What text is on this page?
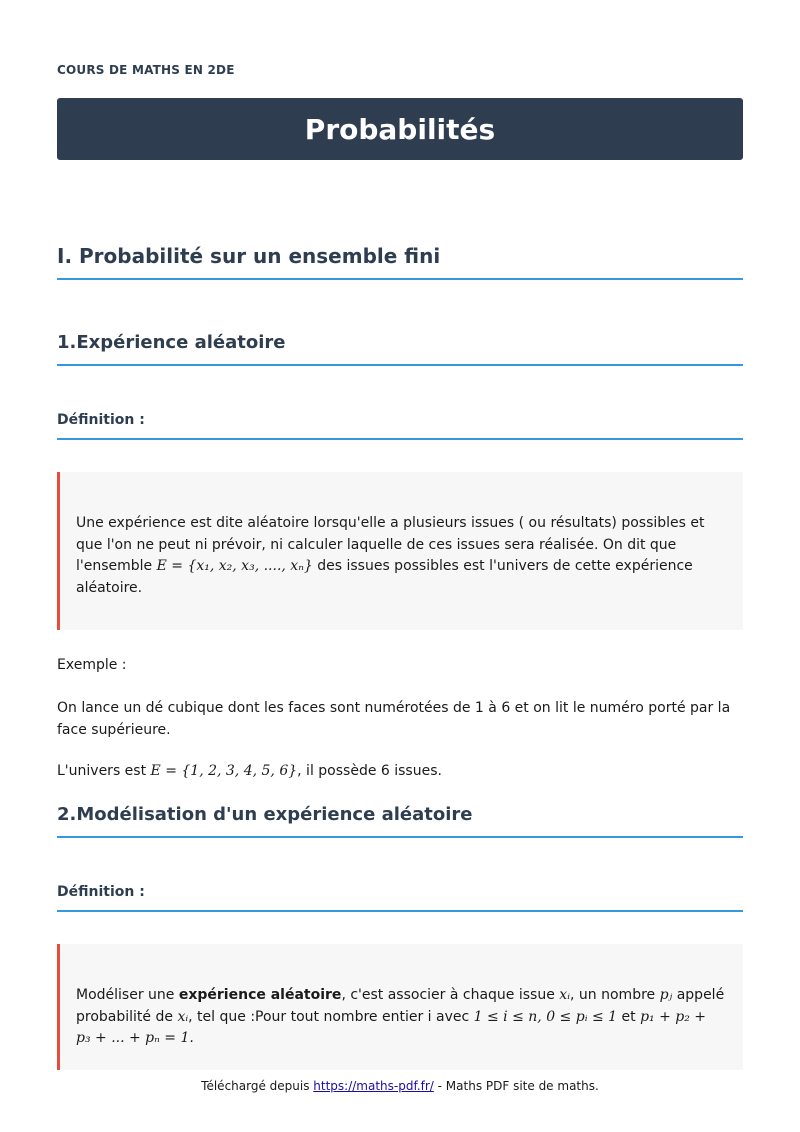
COURS DE MATHS EN 2DE
Probabilités
I. Probabilité sur un ensemble fini
1.Expérience aléatoire
Définition :

Une expérience est dite aléatoire lorsqu'elle a plusieurs issues ( ou résultats) possibles et que l'on ne peut ni prévoir, ni calculer laquelle de ces issues sera réalisée. On dit que l'ensemble E = {x₁, x₂, x₃, ...., xₙ} des issues possibles est l'univers de cette expérience aléatoire.

Exemple :
On lance un dé cubique dont les faces sont numérotées de 1 à 6 et on lit le numéro porté par la face supérieure.
L'univers est E = {1, 2, 3, 4, 5, 6}, il possède 6 issues.
2.Modélisation d'un expérience aléatoire
Définition :

Modéliser une expérience aléatoire, c'est associer à chaque issue xᵢ, un nombre pⱼ appelé probabilité de xᵢ, tel que :Pour tout nombre entier i avec 1 ≤ i ≤ n, 0 ≤ pᵢ ≤ 1 et p₁ + p₂ + p₃ + ... + pₙ = 1.

Téléchargé depuis https://maths-pdf.fr/ - Maths PDF site de maths.
